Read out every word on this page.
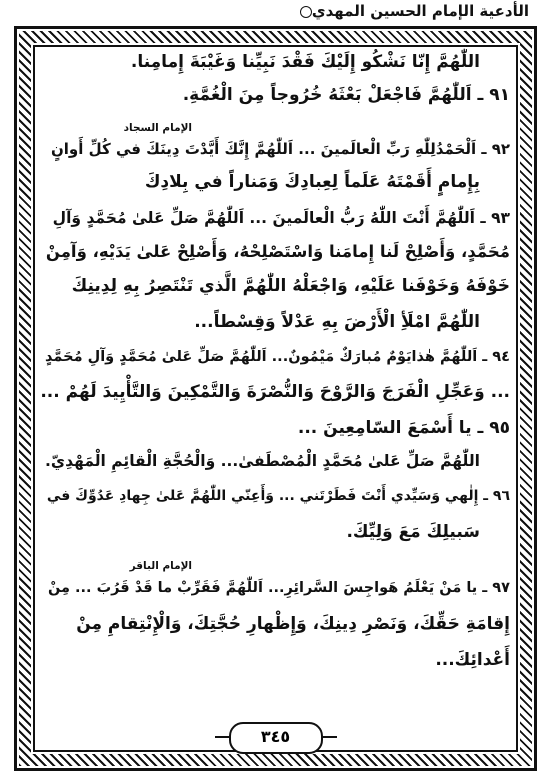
الأدعية الإمام الحسين المهدي
اللّٰهُمَّ إِنّا نَشْكُو إِلَيْكَ فَقْدَ نَبِيِّنا وَغَيْبَةَ إِمامِنا.
٩١ ـ اَللّٰهُمَّ فَاجْعَلْ بَعْثَهُ خُرُوجاً مِنَ الْغُمَّةِ.
الإمام السجاد
٩٢ ـ اَلْحَمْدُلِلّٰهِ رَبِّ الْعالَمينَ ... اَللّٰهُمَّ إِنَّكَ أَيَّدْتَ دِينَكَ في كُلِّ أَوانٍ
بِإِمامٍ أَقَمْتَهُ عَلَماً لِعِبادِكَ وَمَناراً في بِلادِكَ
٩٣ ـ اَللّٰهُمَّ أَنْتَ اللّٰهُ رَبُّ الْعالَمينَ ... اَللّٰهُمَّ صَلِّ عَلىٰ مُحَمَّدٍ وَآلِ
مُحَمَّدٍ، وَأَصْلِحْ لَنا إِمامَنا وَاسْتَصْلِحْهُ، وَأَصْلِحْ عَلىٰ يَدَيْهِ، وَآمِنْ
خَوْفَهُ وَخَوْفَنا عَلَيْهِ، وَاجْعَلْهُ اللّٰهُمَّ الَّذي تَنْتَصِرُ بِهِ لِدِينِكَ
اللّٰهُمَّ امْلَأِ الْأَرْضَ بِهِ عَدْلاً وَقِسْطاً...
٩٤ ـ اَللّٰهُمَّ هٰذايَوْمٌ مُبارَكٌ مَيْمُونٌ... اَللّٰهُمَّ صَلِّ عَلىٰ مُحَمَّدٍ وَآلِ مُحَمَّدٍ
... وَعَجِّلِ الْفَرَجَ وَالرَّوْحَ وَالنُّصْرَةَ وَالتَّمْكِينَ وَالتَّأْيِيدَ لَهُمْ ...
٩٥ ـ يا أَسْمَعَ السّامِعِينَ ...
اللّٰهُمَّ صَلِّ عَلىٰ مُحَمَّدٍ الْمُصْطَفىٰ... وَالْحُجَّةِ الْقائِمِ الْمَهْدِيّ.
٩٦ ـ إِلٰهي وَسَيِّدي أَنْتَ فَطَرْتَني ... وَأَعِنّي اللّٰهُمَّ عَلىٰ جِهادِ عَدُوِّكَ في
سَبيلِكَ مَعَ وَلِيِّكَ.
الإمام الباقر
٩٧ ـ يا مَنْ يَعْلَمُ هَواجِسَ السَّرائِرِ... اَللّٰهُمَّ فَقَرِّبْ ما قَدْ قَرُبَ ... مِنْ
إِقامَةِ حَقِّكَ، وَنَصْرِ دِينِكَ، وَإِظْهارِ حُجَّتِكَ، وَالْإِنْتِقامِ مِنْ
أَعْدائِكَ...
٣٤٥
